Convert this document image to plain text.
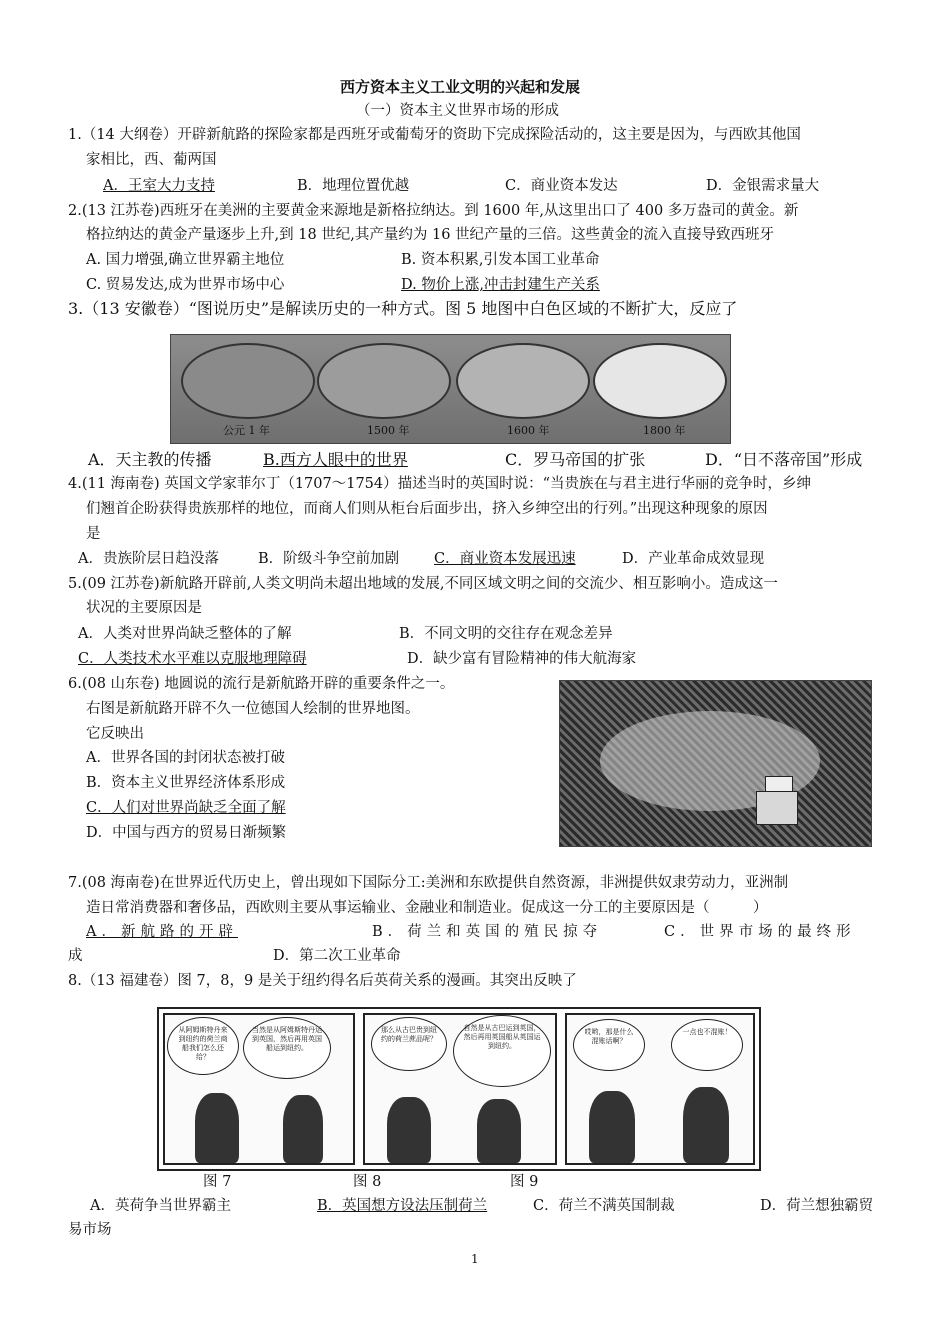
西方资本主义工业文明的兴起和发展
（一）资本主义世界市场的形成
1.（14 大纲卷）开辟新航路的探险家都是西班牙或葡萄牙的资助下完成探险活动的，这主要是因为，与西欧其他国
家相比，西、葡两国
A．王室大力支持	B．地理位置优越	C．商业资本发达	D．金银需求量大
2.(13 江苏卷)西班牙在美洲的主要黄金来源地是新格拉纳达。到 1600 年,从这里出口了 400 多万盎司的黄金。新
格拉纳达的黄金产量逐步上升,到 18 世纪,其产量约为 16 世纪产量的三倍。这些黄金的流入直接导致西班牙
A. 国力增强,确立世界霸主地位	B. 资本积累,引发本国工业革命
C. 贸易发达,成为世界市场中心	D. 物价上涨,冲击封建生产关系
3.（13 安徽卷）“图说历史”是解读历史的一种方式。图 5 地图中白色区域的不断扩大，反应了
公元 1 年	1500 年	1600 年	1800 年
A．天主教的传播	B.西方人眼中的世界	C．罗马帝国的扩张	D．“日不落帝国”形成
4.(11 海南卷) 英国文学家菲尔丁（1707～1754）描述当时的英国时说：“当贵族在与君主进行华丽的竞争时，乡绅
们翘首企盼获得贵族那样的地位，而商人们则从柜台后面步出，挤入乡绅空出的行列。”出现这种现象的原因
是
A．贵族阶层日趋没落	B．阶级斗争空前加剧 C．商业资本发展迅速	D．产业革命成效显现
5.(09 江苏卷)新航路开辟前,人类文明尚未超出地域的发展,不同区域文明之间的交流少、相互影响小。造成这一
状况的主要原因是
A．人类对世界尚缺乏整体的了解	B．不同文明的交往存在观念差异
C．人类技术水平难以克服地理障碍	D．缺少富有冒险精神的伟大航海家
6.(08 山东卷) 地圆说的流行是新航路开辟的重要条件之一。
右图是新航路开辟不久一位德国人绘制的世界地图。
它反映出
A．世界各国的封闭状态被打破
B．资本主义世界经济体系形成
C．人们对世界尚缺乏全面了解
D．中国与西方的贸易日渐频繁
7.(08 海南卷)在世界近代历史上，曾出现如下国际分工:美洲和东欧提供自然资源，非洲提供奴隶劳动力，亚洲制
造日常消费器和奢侈品，西欧则主要从事运输业、金融业和制造业。促成这一分工的主要原因是（　　　）
A．新航路的开辟	B．荷兰和英国的殖民掠夺	C．世界市场的最终形
成	D．第二次工业革命
8.（13 福建卷）图 7，8，9 是关于纽约得名后英荷关系的漫画。其突出反映了
从阿姆斯特丹来到纽约的荷兰商船我们怎么还给？
当然是从阿姆斯特丹运到英国，然后再用英国船运到纽约。
那么从古巴贵到纽约的荷兰蔗品呢？
自然是从古巴运到英国，然后再用英国船从英国运到纽约。
哎哟，那是什么混账话啊？
一点也不混账！
图 7	图 8	图 9
A．英荷争当世界霸主	B．英国想方设法压制荷兰	C．荷兰不满英国制裁	D．荷兰想独霸贸
易市场
1
